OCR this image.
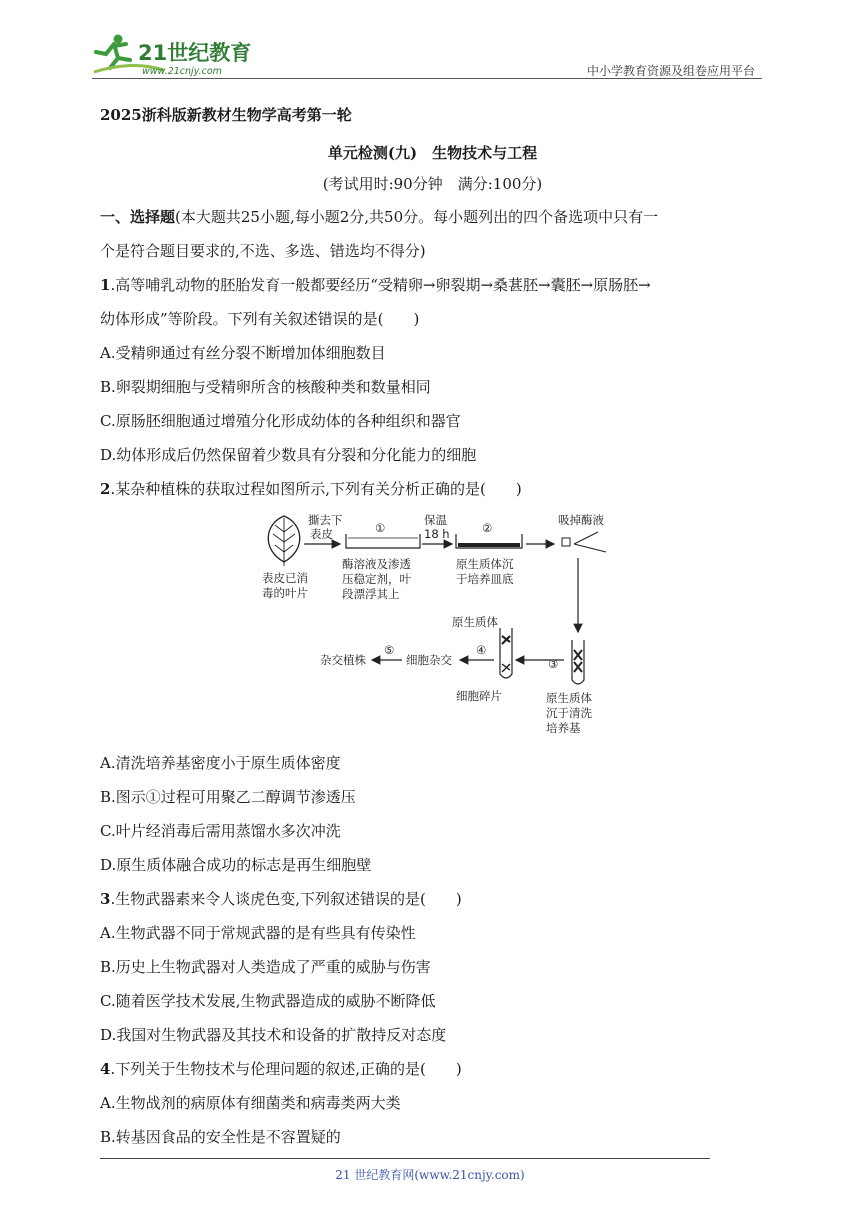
21世纪教育
www.21cnjy.com	中小学教育资源及组卷应用平台
2025浙科版新教材生物学高考第一轮
单元检测(九)　生物技术与工程
(考试用时:90分钟　满分:100分)
一、选择题(本大题共25小题,每小题2分,共50分。每小题列出的四个备选项中只有一
个是符合题目要求的,不选、多选、错选均不得分)
1.高等哺乳动物的胚胎发育一般都要经历“受精卵→卵裂期→桑葚胚→囊胚→原肠胚→
幼体形成”等阶段。下列有关叙述错误的是(　　)
A.受精卵通过有丝分裂不断增加体细胞数目
B.卵裂期细胞与受精卵所含的核酸种类和数量相同
C.原肠胚细胞通过增殖分化形成幼体的各种组织和器官
D.幼体形成后仍然保留着少数具有分裂和分化能力的细胞
2.某杂种植株的获取过程如图所示,下列有关分析正确的是(　　)
表皮已消
毒的叶片
撕去下
表皮	①
酶溶液及渗透
压稳定剂，叶
段漂浮其上
保温
18 h	②
原生质体沉
于培养皿底
吸掉酶液
③
原生质体
沉于清洗
培养基
原生质体
细胞碎片
④
细胞杂交
⑤
杂交植株
A.清洗培养基密度小于原生质体密度
B.图示①过程可用聚乙二醇调节渗透压
C.叶片经消毒后需用蒸馏水多次冲洗
D.原生质体融合成功的标志是再生细胞壁
3.生物武器素来令人谈虎色变,下列叙述错误的是(　　)
A.生物武器不同于常规武器的是有些具有传染性
B.历史上生物武器对人类造成了严重的威胁与伤害
C.随着医学技术发展,生物武器造成的威胁不断降低
D.我国对生物武器及其技术和设备的扩散持反对态度
4.下列关于生物技术与伦理问题的叙述,正确的是(　　)
A.生物战剂的病原体有细菌类和病毒类两大类
B.转基因食品的安全性是不容置疑的
21 世纪教育网(www.21cnjy.com)
